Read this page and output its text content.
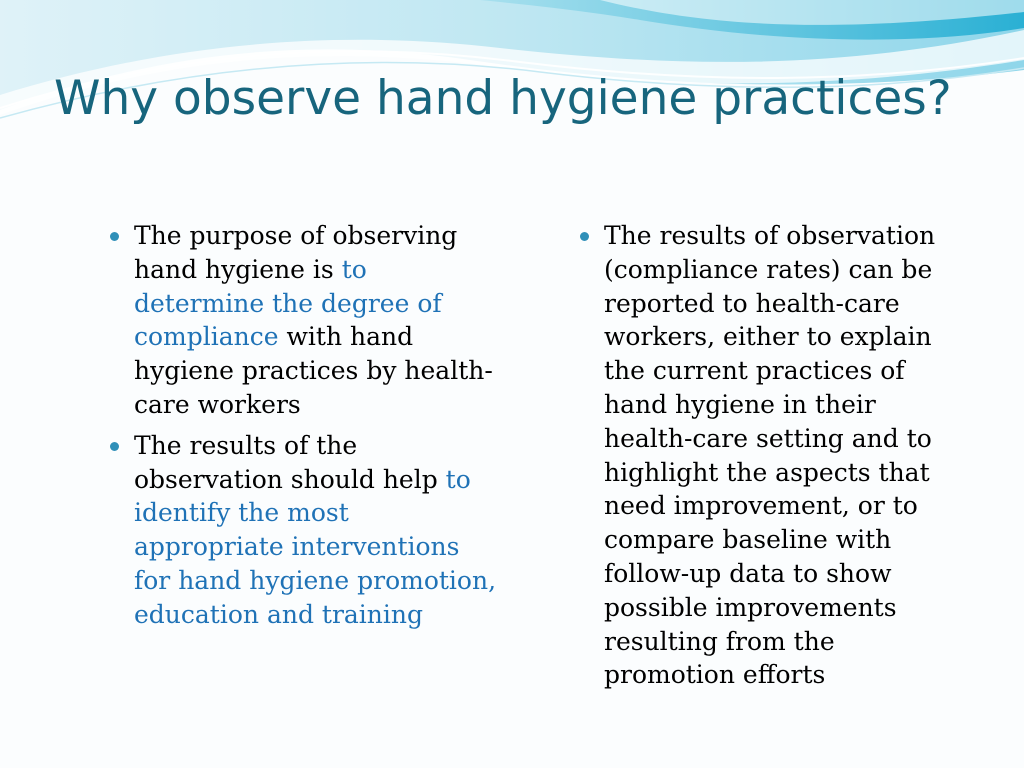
Why observe hand hygiene practices?
The purpose of observing hand hygiene is to determine the degree of compliance with hand hygiene practices by health-care workers
The results of the observation should help to identify the most appropriate interventions for hand hygiene promotion, education and training
The results of observation (compliance rates) can be reported to health-care workers, either to explain the current practices of hand hygiene in their health-care setting and to highlight the aspects that need improvement, or to compare baseline with follow-up data to show possible improvements resulting from the promotion efforts
